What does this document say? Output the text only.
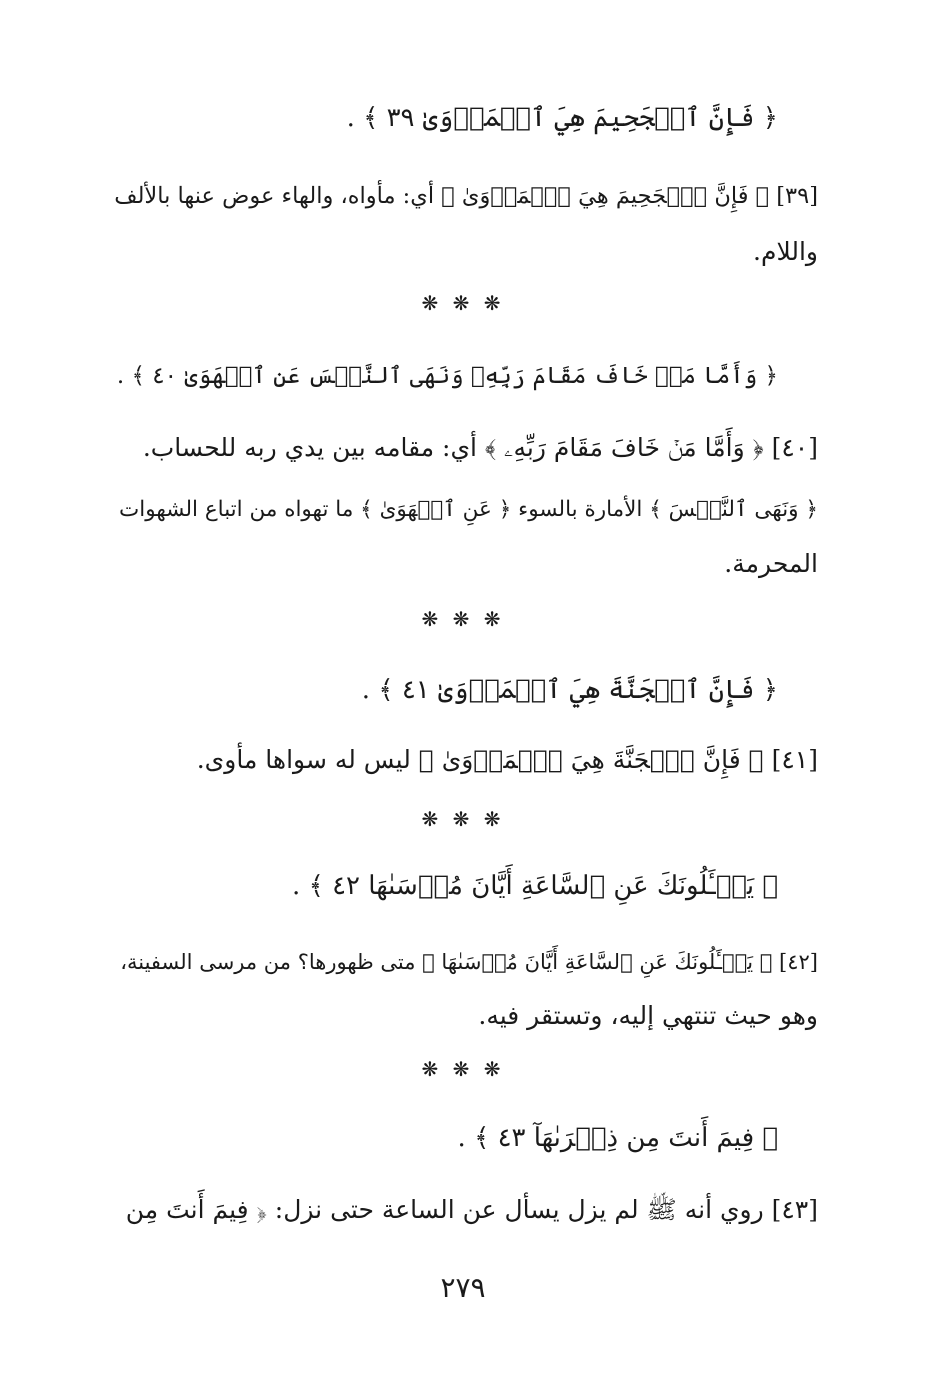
﴿ فَإِنَّ ٱلۡجَحِيمَ هِيَ ٱلۡمَأۡوَىٰ ٣٩ ﴾ .
[٣٩] ﴿ فَإِنَّ ٱلۡجَحِيمَ هِيَ ٱلۡمَأۡوَىٰ ﴾ أي: مأواه، والهاء عوض عنها بالألف
واللام.
❋ ❋ ❋
﴿ وَأَمَّا مَنۡ خَافَ مَقَامَ رَبِّهِۦ وَنَهَى ٱلنَّفۡسَ عَنِ ٱلۡهَوَىٰ ٤٠ ﴾ .
[٤٠] ﴿ وَأَمَّا مَنۡ خَافَ مَقَامَ رَبِّهِۦ ﴾ أي: مقامه بين يدي ربه للحساب.
﴿ وَنَهَى ٱلنَّفۡسَ ﴾ الأمارة بالسوء ﴿ عَنِ ٱلۡهَوَىٰ ﴾ ما تهواه من اتباع الشهوات
المحرمة.
❋ ❋ ❋
﴿ فَإِنَّ ٱلۡجَنَّةَ هِيَ ٱلۡمَأۡوَىٰ ٤١ ﴾ .
[٤١] ﴿ فَإِنَّ ٱلۡجَنَّةَ هِيَ ٱلۡمَأۡوَىٰ ﴾ ليس له سواها مأوى.
❋ ❋ ❋
﴿ يَسۡـَٔلُونَكَ عَنِ ٱلسَّاعَةِ أَيَّانَ مُرۡسَىٰهَا ٤٢ ﴾ .
[٤٢] ﴿ يَسۡـَٔلُونَكَ عَنِ ٱلسَّاعَةِ أَيَّانَ مُرۡسَىٰهَا ﴾ متى ظهورها؟ من مرسى السفينة،
وهو حيث تنتهي إليه، وتستقر فيه.
❋ ❋ ❋
﴿ فِيمَ أَنتَ مِن ذِكۡرَىٰهَآ ٤٣ ﴾ .
[٤٣] روي أنه ﷺ لم يزل يسأل عن الساعة حتى نزل: ﴿ فِيمَ أَنتَ مِن
٢٧٩
